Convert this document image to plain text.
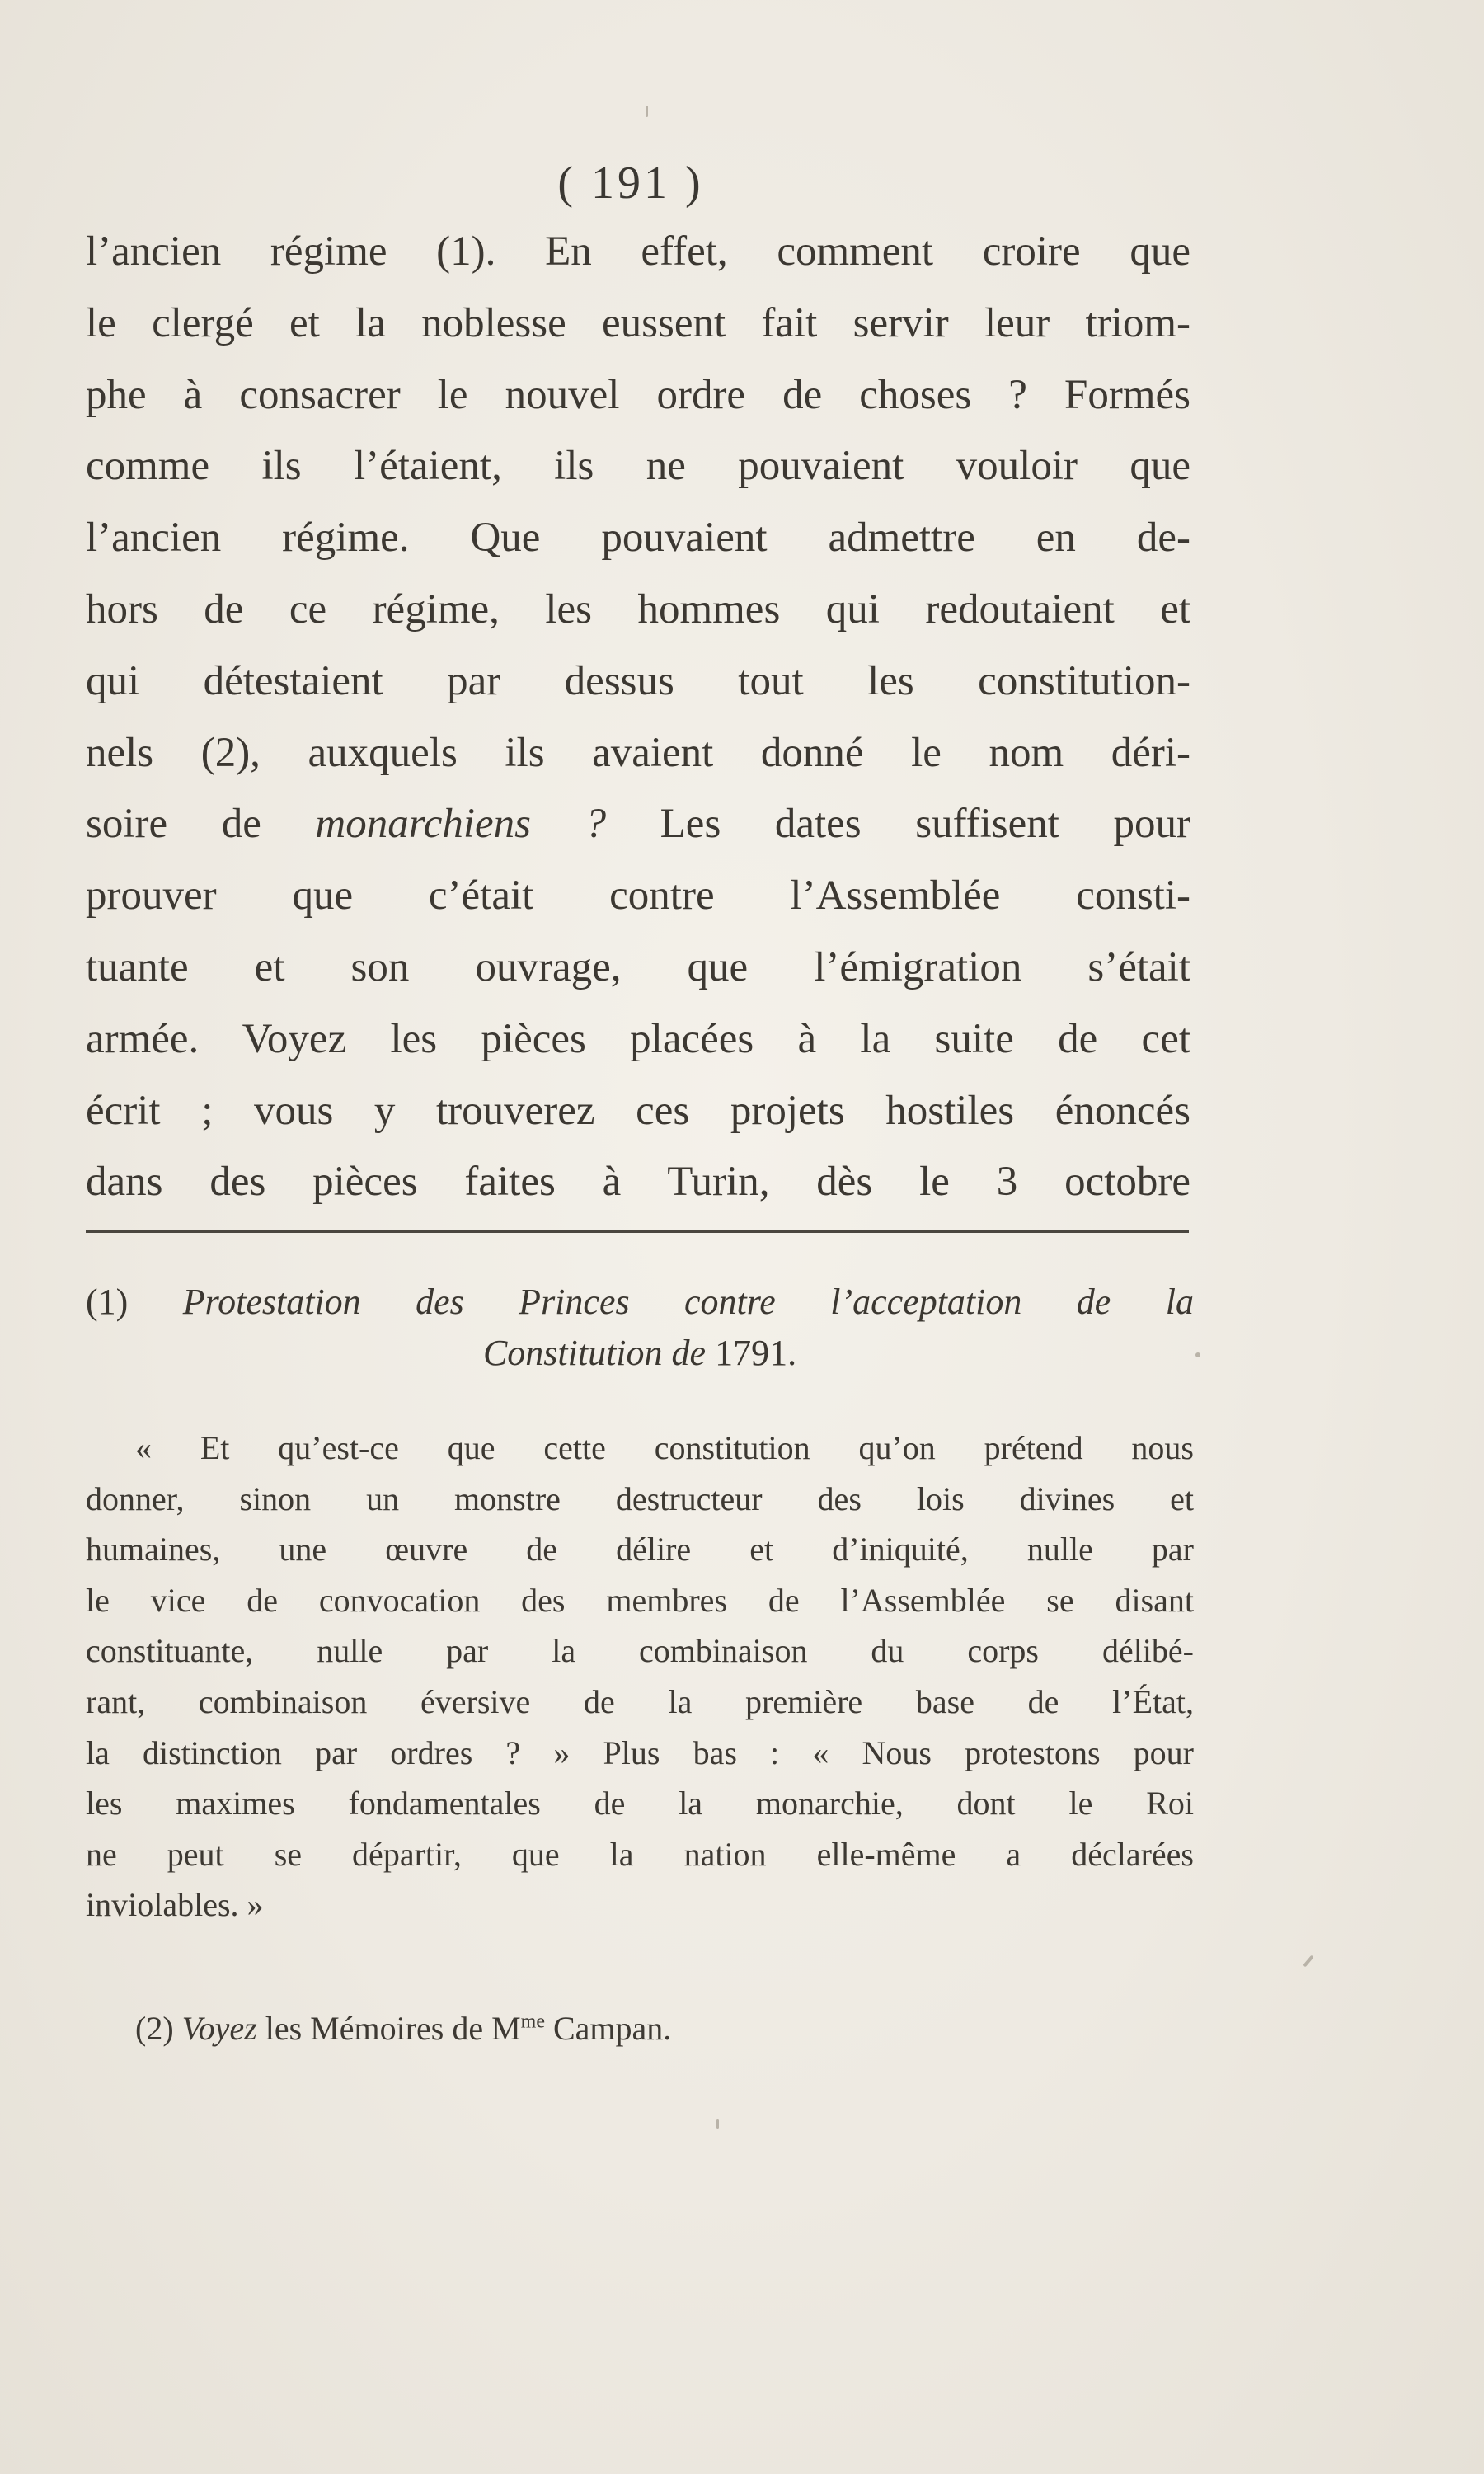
( 191 )
l’ancien régime (1). En effet, comment croire que
le clergé et la noblesse eussent fait servir leur triom-
phe à consacrer le nouvel ordre de choses ? Formés
comme ils l’étaient, ils ne pouvaient vouloir que
l’ancien régime. Que pouvaient admettre en de-
hors de ce régime, les hommes qui redoutaient et
qui détestaient par dessus tout les constitution-
nels (2), auxquels ils avaient donné le nom déri-
soire de monarchiens ? Les dates suffisent pour
prouver que c’était contre l’Assemblée consti-
tuante et son ouvrage, que l’émigration s’était
armée. Voyez les pièces placées à la suite de cet
écrit ; vous y trouverez ces projets hostiles énoncés
dans des pièces faites à Turin, dès le 3 octobre
(1) Protestation des Princes contre l’acceptation de la
Constitution de 1791.
« Et qu’est-ce que cette constitution qu’on prétend nous
donner, sinon un monstre destructeur des lois divines et
humaines, une œuvre de délire et d’iniquité, nulle par
le vice de convocation des membres de l’Assemblée se disant
constituante, nulle par la combinaison du corps délibé-
rant, combinaison éversive de la première base de l’État,
la distinction par ordres ? » Plus bas : « Nous protestons pour
les maximes fondamentales de la monarchie, dont le Roi
ne peut se départir, que la nation elle-même a déclarées
inviolables. »
(2) Voyez les Mémoires de $M^{me}$ Campan.
